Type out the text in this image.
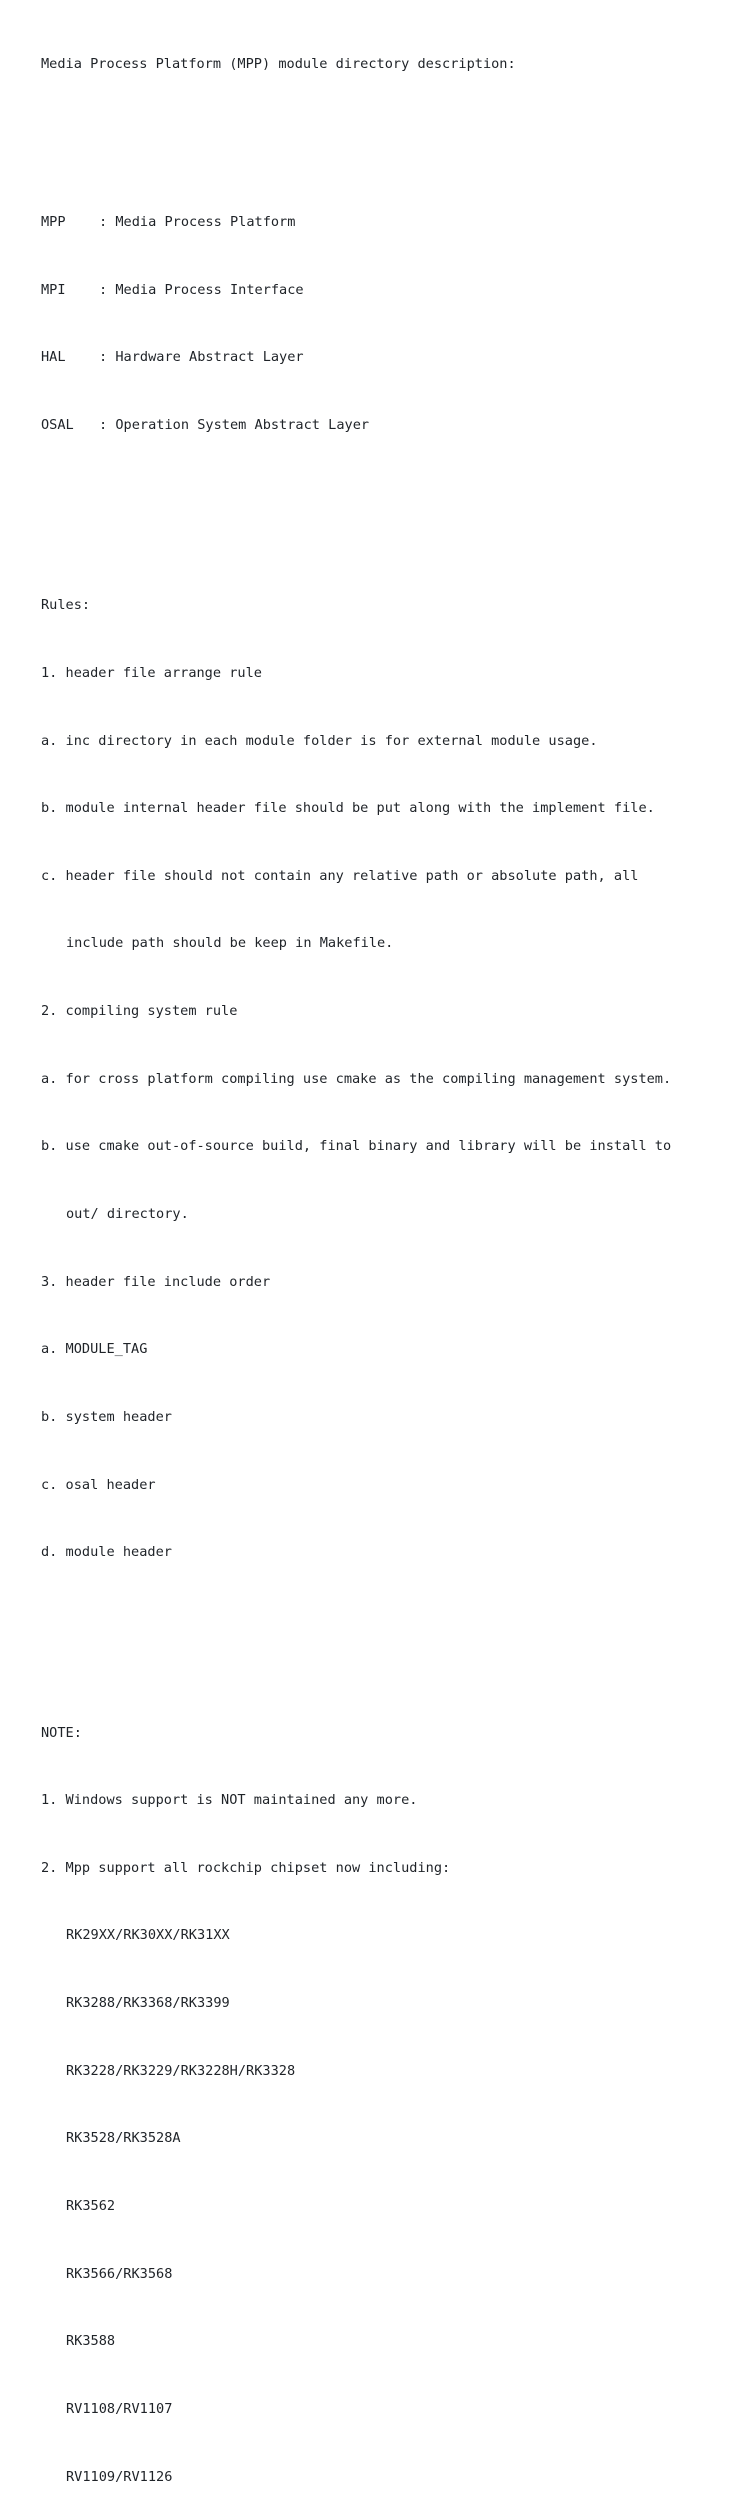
Media Process Platform (MPP) module directory description:

MPP : Media Process Platform

MPI : Media Process Interface

HAL : Hardware Abstract Layer

OSAL : Operation System Abstract Layer

Rules:

1. header file arrange rule

a. inc directory in each module folder is for external module usage.

b. module internal header file should be put along with the implement file.

c. header file should not contain any relative path or absolute path, all

include path should be keep in Makefile.

2. compiling system rule

a. for cross platform compiling use cmake as the compiling management system.

b. use cmake out-of-source build, final binary and library will be install to

out/ directory.

3. header file include order

a. MODULE_TAG

b. system header

c. osal header

d. module header

NOTE:

1. Windows support is NOT maintained any more.

2. Mpp support all rockchip chipset now including:

RK29XX/RK30XX/RK31XX

RK3288/RK3368/RK3399

RK3228/RK3229/RK3228H/RK3328

RK3528/RK3528A

RK3562

RK3566/RK3568

RK3588

RV1108/RV1107

RV1109/RV1126
